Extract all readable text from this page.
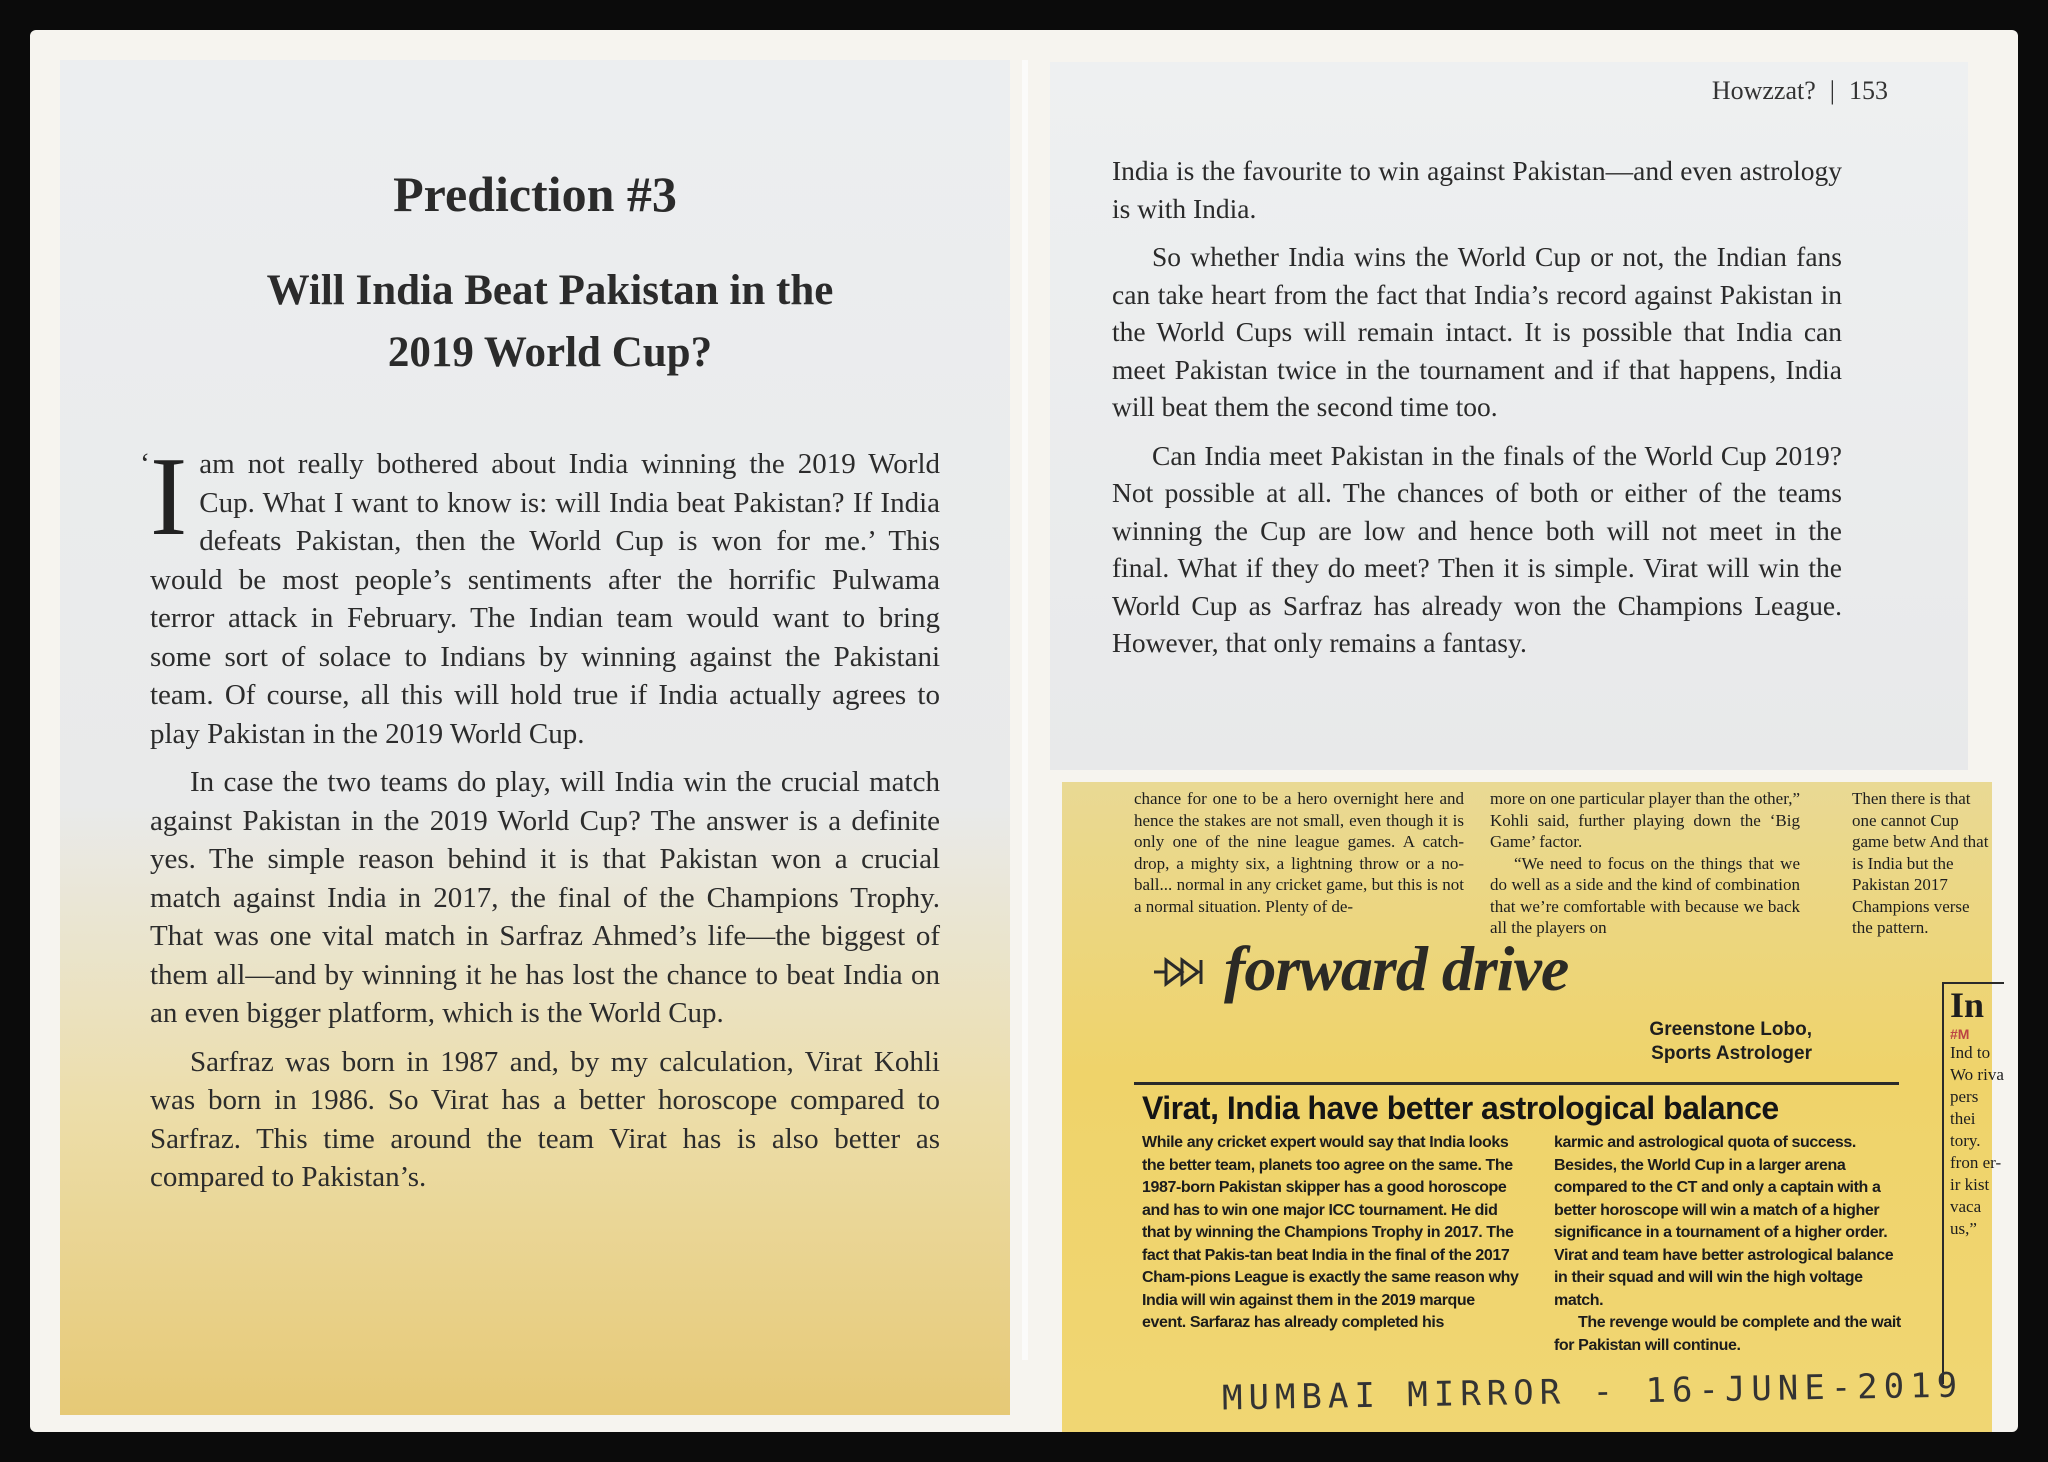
Prediction #3
Will India Beat Pakistan in the
2019 World Cup?
‘ Iam not really bothered about India winning the 2019 World Cup. What I want to know is: will India beat Pakistan? If India defeats Pakistan, then the World Cup is won for me.’ This would be most people’s sentiments after the horrific Pulwama terror attack in February. The Indian team would want to bring some sort of solace to Indians by winning against the Pakistani team. Of course, all this will hold true if India actually agrees to play Pakistan in the 2019 World Cup.

In case the two teams do play, will India win the crucial match against Pakistan in the 2019 World Cup? The answer is a definite yes. The simple reason behind it is that Pakistan won a crucial match against India in 2017, the final of the Champions Trophy. That was one vital match in Sarfraz Ahmed’s life—the biggest of them all—and by winning it he has lost the chance to beat India on an even bigger platform, which is the World Cup.

Sarfraz was born in 1987 and, by my calculation, Virat Kohli was born in 1986. So Virat has a better horoscope compared to Sarfraz. This time around the team Virat has is also better as compared to Pakistan’s.

Howzzat? | 153

India is the favourite to win against Pakistan—and even astrology is with India.

So whether India wins the World Cup or not, the Indian fans can take heart from the fact that India’s record against Pakistan in the World Cups will remain intact. It is possible that India can meet Pakistan twice in the tournament and if that happens, India will beat them the second time too.

Can India meet Pakistan in the finals of the World Cup 2019? Not possible at all. The chances of both or either of the teams winning the Cup are low and hence both will not meet in the final. What if they do meet? Then it is simple. Virat will win the World Cup as Sarfraz has already won the Champions League. However, that only remains a fantasy.

chance for one to be a hero overnight here and hence the stakes are not small, even though it is only one of the nine league games. A catch-drop, a mighty six, a lightning throw or a no-ball... normal in any cricket game, but this is not a normal situation. Plenty of de-

more on one particular player than the other,” Kohli said, further playing down the ‘Big Game’ factor.

“We need to focus on the things that we do well as a side and the kind of combination that we’re comfortable with because we back all the players on

Then there is that one cannot Cup game betw And that is India but the Pakistan 2017 Champions verse the pattern.

forward drive
Greenstone Lobo,
Sports Astrologer
Virat, India have better astrological balance

While any cricket expert would say that India looks the better team, planets too agree on the same. The 1987-born Pakistan skipper has a good horoscope and has to win one major ICC tournament. He did that by winning the Champions Trophy in 2017. The fact that Pakis-tan beat India in the final of the 2017 Cham-pions League is exactly the same reason why India will win against them in the 2019 marque event. Sarfaraz has already completed his

karmic and astrological quota of success. Besides, the World Cup in a larger arena compared to the CT and only a captain with a better horoscope will win a match of a higher significance in a tournament of a higher order. Virat and team have better astrological balance in their squad and will win the high voltage match.

The revenge would be complete and the wait for Pakistan will continue.

In
#M
Ind to Wo riva pers thei tory. fron er-ir kist vaca us,”
MUMBAI MIRROR - 16-JUNE-2019
